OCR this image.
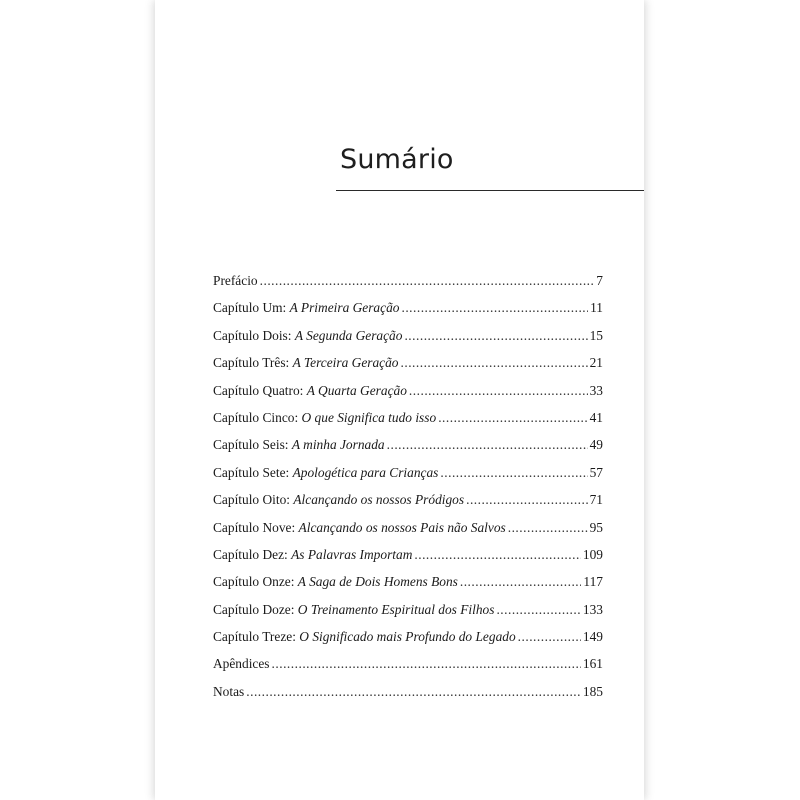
Sumário
Prefácio .....	7
Capítulo Um: A Primeira Geração .....	11
Capítulo Dois: A Segunda Geração .....	15
Capítulo Três: A Terceira Geração .....	21
Capítulo Quatro: A Quarta Geração .....	33
Capítulo Cinco: O que Significa tudo isso .....	41
Capítulo Seis: A minha Jornada .....	49
Capítulo Sete: Apologética para Crianças .....	57
Capítulo Oito: Alcançando os nossos Pródigos .....	71
Capítulo Nove: Alcançando os nossos Pais não Salvos .....	95
Capítulo Dez: As Palavras Importam .....	109
Capítulo Onze: A Saga de Dois Homens Bons .....	117
Capítulo Doze: O Treinamento Espiritual dos Filhos .....	133
Capítulo Treze: O Significado mais Profundo do Legado .....	149
Apêndices .....	161
Notas .....	185
